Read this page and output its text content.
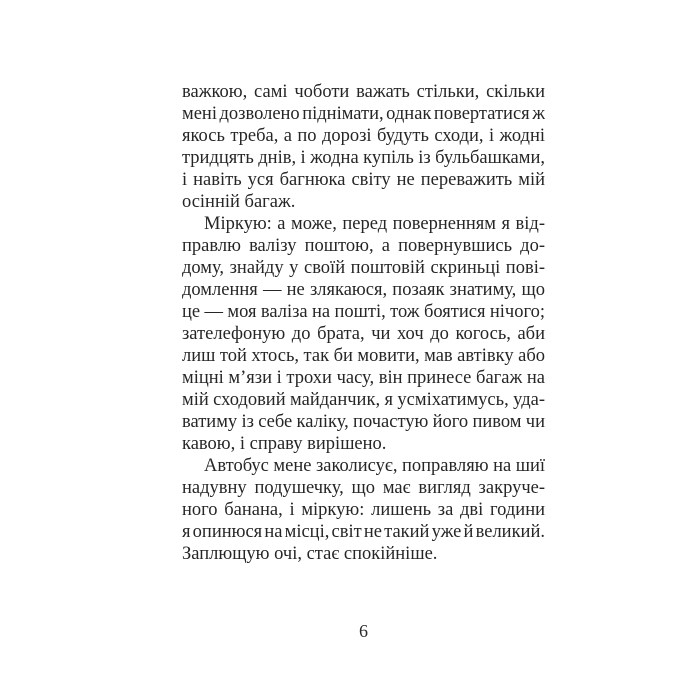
важкою, самі чоботи важать стільки, скільки
мені дозволено піднімати, однак повертатися ж
якось треба, а по дорозі будуть сходи, і жодні
тридцять днів, і жодна купіль із бульбашками,
і навіть уся багнюка світу не переважить мій
осінній багаж.
Міркую: а може, перед поверненням я від-
правлю валізу поштою, а повернувшись до-
дому, знайду у своїй поштовій скриньці пові-
домлення — не злякаюся, позаяк знатиму, що
це — моя валіза на пошті, тож боятися нічого;
зателефоную до брата, чи хоч до когось, аби
лиш той хтось, так би мовити, мав автівку або
міцні м’язи і трохи часу, він принесе багаж на
мій сходовий майданчик, я усміхатимусь, уда-
ватиму із себе каліку, почастую його пивом чи
кавою, і справу вирішено.
Автобус мене заколисує, поправляю на шиї
надувну подушечку, що має вигляд закруче-
ного банана, і міркую: лишень за дві години
я опинюся на місці, світ не такий уже й великий.
Заплющую очі, стає спокійніше.
6
